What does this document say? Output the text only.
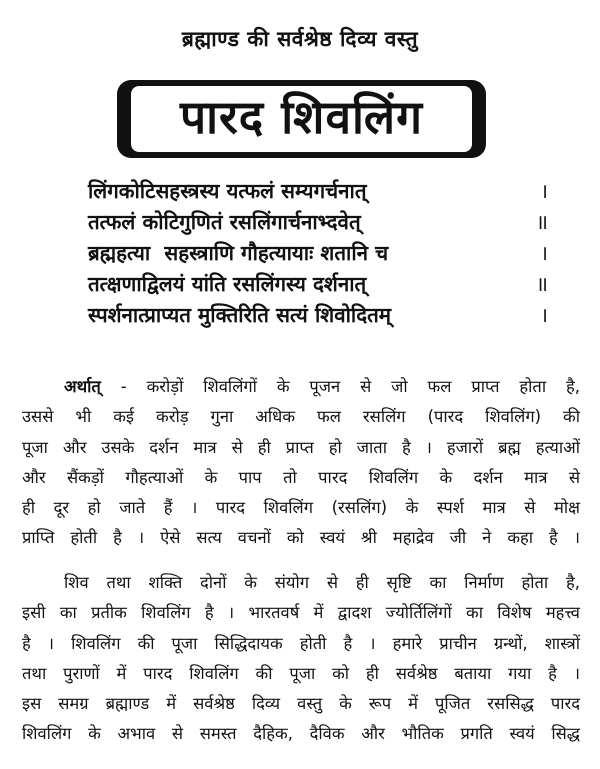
ब्रह्माण्ड की सर्वश्रेष्ठ दिव्य वस्तु
पारद शिवलिंग
लिंगकोटिसहस्त्रस्य यत्फलं सम्यगर्चनात्	।
तत्फलं कोटिगुणितं रसलिंगार्चनाभ्दवेत्	॥
ब्रह्महत्या  सहस्त्राणि गौहत्यायाः शतानि च	।
तत्क्षणाद्विलयं यांति रसलिंगस्य दर्शनात्	॥
स्पर्शनात्प्राप्यत मुक्तिरिति सत्यं शिवोदितम्	।
अर्थात् - करोड़ों शिवलिंगों के पूजन से जो फल प्राप्त होता है,
उससे भी कई करोड़ गुना अधिक फल रसलिंग (पारद शिवलिंग) की
पूजा और उसके दर्शन मात्र से ही प्राप्त हो जाता है । हजारों ब्रह्म हत्याओं
और सैंकड़ों गौहत्याओं के पाप तो पारद शिवलिंग के दर्शन मात्र से
ही दूर हो जाते हैं । पारद शिवलिंग (रसलिंग) के स्पर्श मात्र से मोक्ष
प्राप्ति होती है । ऐसे सत्य वचनों को स्वयं श्री महाद्रेव जी ने कहा है ।
शिव तथा शक्ति दोनों के संयोग से ही सृष्टि का निर्माण होता है,
इसी का प्रतीक शिवलिंग है । भारतवर्ष में द्वादश ज्योर्तिलिंगों का विशेष महत्त्व
है । शिवलिंग की पूजा सिद्धिदायक होती है । हमारे प्राचीन ग्रन्थों, शास्त्रों
तथा पुराणों में पारद शिवलिंग की पूजा को ही सर्वश्रेष्ठ बताया गया है ।
इस समग्र ब्रह्माण्ड में सर्वश्रेष्ठ दिव्य वस्तु के रूप में पूजित रससिद्ध पारद
शिवलिंग के अभाव से समस्त दैहिक, दैविक और भौतिक प्रगति स्वयं सिद्ध
